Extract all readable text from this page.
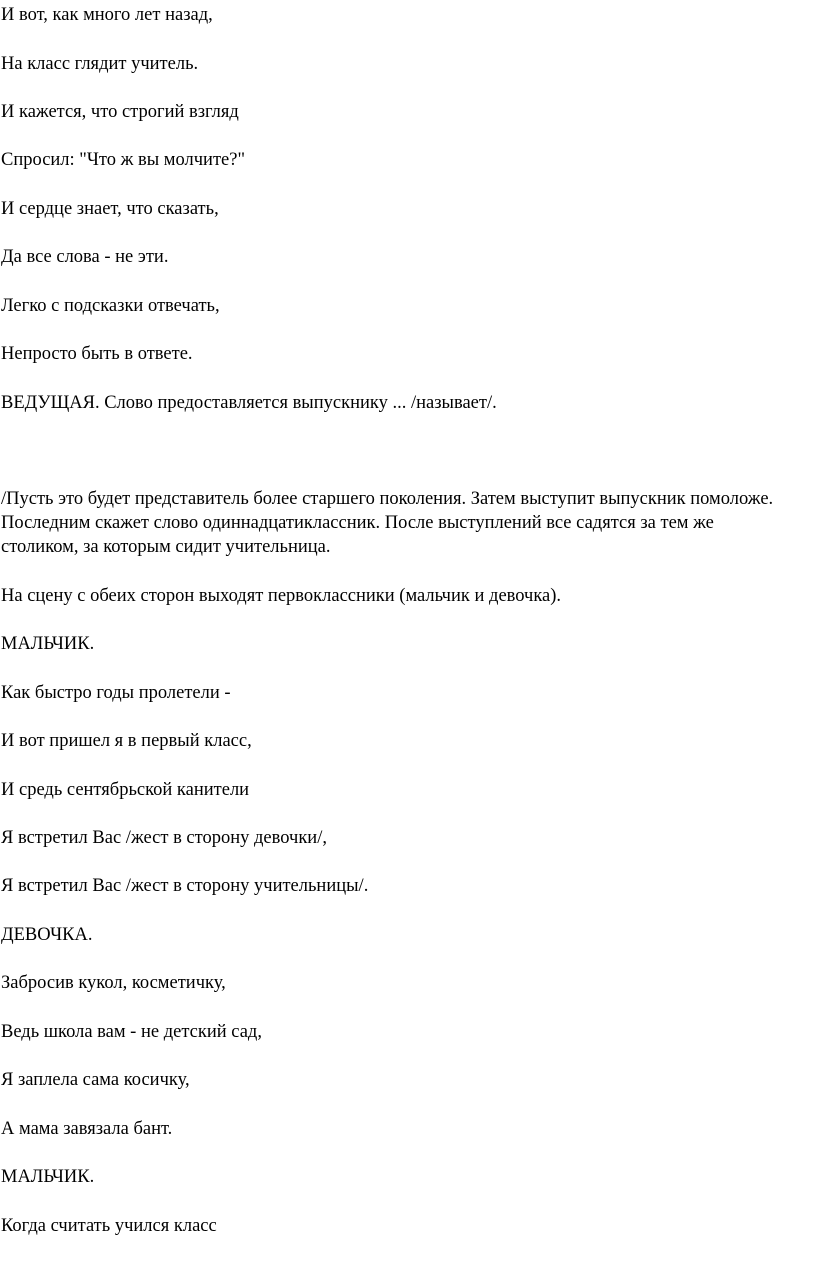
И вот, как много лет назад,

На класс глядит учитель.

И кажется, что строгий взгляд

Спросил: "Что ж вы молчите?"

И сердце знает, что сказать,

Да все слова - не эти.

Легко с подсказки отвечать,

Непросто быть в ответе.

ВЕДУЩАЯ. Слово предоставляется выпускнику ... /называет/.

/Пусть это будет представитель более старшего поколения. Затем выступит выпускник помоложе. Последним скажет слово одиннадцатиклассник. После выступлений все садятся за тем же столиком, за которым сидит учительница.

На сцену с обеих сторон выходят первоклассники (мальчик и девочка).

МАЛЬЧИК.

Как быстро годы пролетели -

И вот пришел я в первый класс,

И средь сентябрьской канители

Я встретил Вас /жест в сторону девочки/,

Я встретил Вас /жест в сторону учительницы/.

ДЕВОЧКА.

Забросив кукол, косметичку,

Ведь школа вам - не детский сад,

Я заплела сама косичку,

А мама завязала бант.

МАЛЬЧИК.

Когда считать учился класс
